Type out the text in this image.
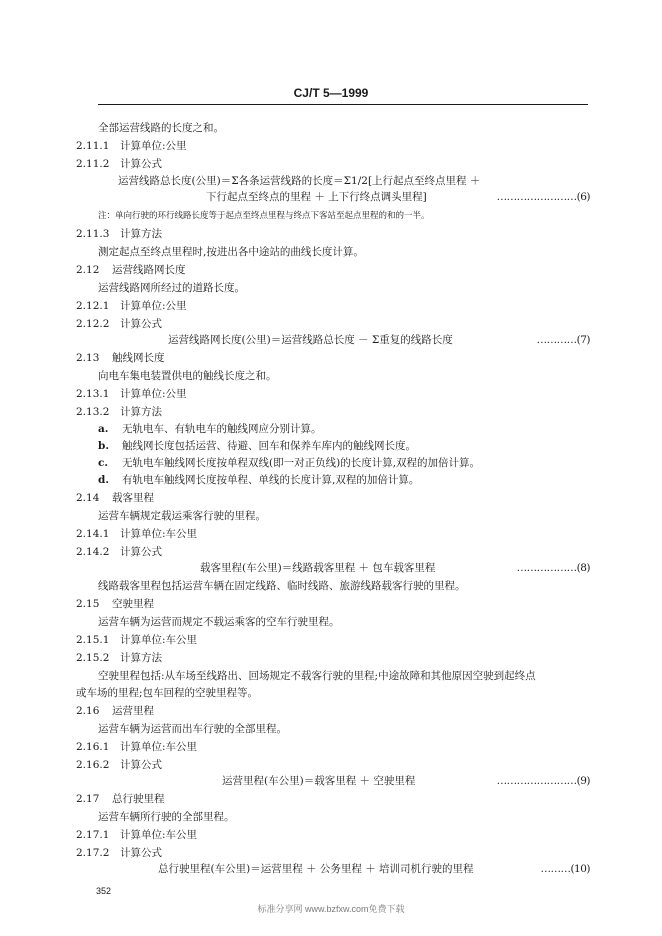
CJ/T 5—1999
全部运营线路的长度之和。
2.11.1 计算单位:公里
2.11.2 计算公式
运营线路总长度(公里)＝Σ各条运营线路的长度＝Σ1/2[上行起点至终点里程 ＋
下行起点至终点的里程 ＋ 上下行终点调头里程]	……………………(6)
注：单向行驶的环行线路长度等于起点至终点里程与终点下客站至起点里程的和的一半。
2.11.3 计算方法
测定起点至终点里程时,按进出各中途站的曲线长度计算。
2.12 运营线路网长度
运营线路网所经过的道路长度。
2.12.1 计算单位:公里
2.12.2 计算公式
运营线路网长度(公里)＝运营线路总长度 － Σ重复的线路长度	…………(7)
2.13 触线网长度
向电车集电装置供电的触线长度之和。
2.13.1 计算单位:公里
2.13.2 计算方法
a. 无轨电车、有轨电车的触线网应分别计算。
b. 触线网长度包括运营、待避、回车和保养车库内的触线网长度。
c. 无轨电车触线网长度按单程双线(即一对正负线)的长度计算,双程的加倍计算。
d. 有轨电车触线网长度按单程、单线的长度计算,双程的加倍计算。
2.14 载客里程
运营车辆规定载运乘客行驶的里程。
2.14.1 计算单位:车公里
2.14.2 计算公式
载客里程(车公里)＝线路载客里程 ＋ 包车载客里程	………………(8)
线路载客里程包括运营车辆在固定线路、临时线路、旅游线路载客行驶的里程。
2.15 空驶里程
运营车辆为运营而规定不载运乘客的空车行驶里程。
2.15.1 计算单位:车公里
2.15.2 计算方法
空驶里程包括:从车场至线路出、回场规定不载客行驶的里程;中途故障和其他原因空驶到起终点
或车场的里程;包车回程的空驶里程等。
2.16 运营里程
运营车辆为运营而出车行驶的全部里程。
2.16.1 计算单位:车公里
2.16.2 计算公式
运营里程(车公里)＝载客里程 ＋ 空驶里程	……………………(9)
2.17 总行驶里程
运营车辆所行驶的全部里程。
2.17.1 计算单位:车公里
2.17.2 计算公式
总行驶里程(车公里)＝运营里程 ＋ 公务里程 ＋ 培训司机行驶的里程	………(10)
352
标准分享网 www.bzfxw.com免费下载
